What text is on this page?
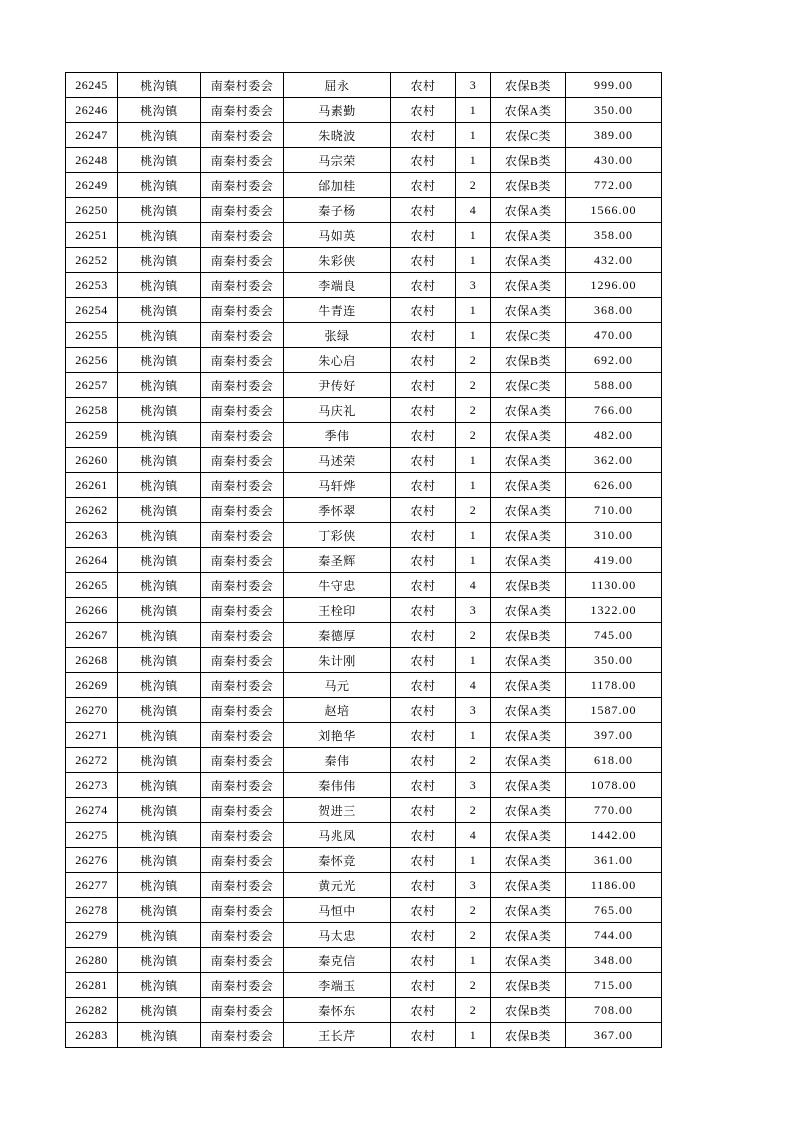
26245	桃沟镇	南秦村委会	屈永	农村	3	农保B类	999.00
26246	桃沟镇	南秦村委会	马素勤	农村	1	农保A类	350.00
26247	桃沟镇	南秦村委会	朱晓波	农村	1	农保C类	389.00
26248	桃沟镇	南秦村委会	马宗荣	农村	1	农保B类	430.00
26249	桃沟镇	南秦村委会	邰加桂	农村	2	农保B类	772.00
26250	桃沟镇	南秦村委会	秦子杨	农村	4	农保A类	1566.00
26251	桃沟镇	南秦村委会	马如英	农村	1	农保A类	358.00
26252	桃沟镇	南秦村委会	朱彩侠	农村	1	农保A类	432.00
26253	桃沟镇	南秦村委会	李端良	农村	3	农保A类	1296.00
26254	桃沟镇	南秦村委会	牛青连	农村	1	农保A类	368.00
26255	桃沟镇	南秦村委会	张绿	农村	1	农保C类	470.00
26256	桃沟镇	南秦村委会	朱心启	农村	2	农保B类	692.00
26257	桃沟镇	南秦村委会	尹传好	农村	2	农保C类	588.00
26258	桃沟镇	南秦村委会	马庆礼	农村	2	农保A类	766.00
26259	桃沟镇	南秦村委会	季伟	农村	2	农保A类	482.00
26260	桃沟镇	南秦村委会	马述荣	农村	1	农保A类	362.00
26261	桃沟镇	南秦村委会	马轩烨	农村	1	农保A类	626.00
26262	桃沟镇	南秦村委会	季怀翠	农村	2	农保A类	710.00
26263	桃沟镇	南秦村委会	丁彩侠	农村	1	农保A类	310.00
26264	桃沟镇	南秦村委会	秦圣辉	农村	1	农保A类	419.00
26265	桃沟镇	南秦村委会	牛守忠	农村	4	农保B类	1130.00
26266	桃沟镇	南秦村委会	王栓印	农村	3	农保A类	1322.00
26267	桃沟镇	南秦村委会	秦德厚	农村	2	农保B类	745.00
26268	桃沟镇	南秦村委会	朱计刚	农村	1	农保A类	350.00
26269	桃沟镇	南秦村委会	马元	农村	4	农保A类	1178.00
26270	桃沟镇	南秦村委会	赵培	农村	3	农保A类	1587.00
26271	桃沟镇	南秦村委会	刘艳华	农村	1	农保A类	397.00
26272	桃沟镇	南秦村委会	秦伟	农村	2	农保A类	618.00
26273	桃沟镇	南秦村委会	秦伟伟	农村	3	农保A类	1078.00
26274	桃沟镇	南秦村委会	贺进三	农村	2	农保A类	770.00
26275	桃沟镇	南秦村委会	马兆凤	农村	4	农保A类	1442.00
26276	桃沟镇	南秦村委会	秦怀竞	农村	1	农保A类	361.00
26277	桃沟镇	南秦村委会	黄元光	农村	3	农保A类	1186.00
26278	桃沟镇	南秦村委会	马恒中	农村	2	农保A类	765.00
26279	桃沟镇	南秦村委会	马太忠	农村	2	农保A类	744.00
26280	桃沟镇	南秦村委会	秦克信	农村	1	农保A类	348.00
26281	桃沟镇	南秦村委会	李端玉	农村	2	农保B类	715.00
26282	桃沟镇	南秦村委会	秦怀东	农村	2	农保B类	708.00
26283	桃沟镇	南秦村委会	王长芹	农村	1	农保B类	367.00
